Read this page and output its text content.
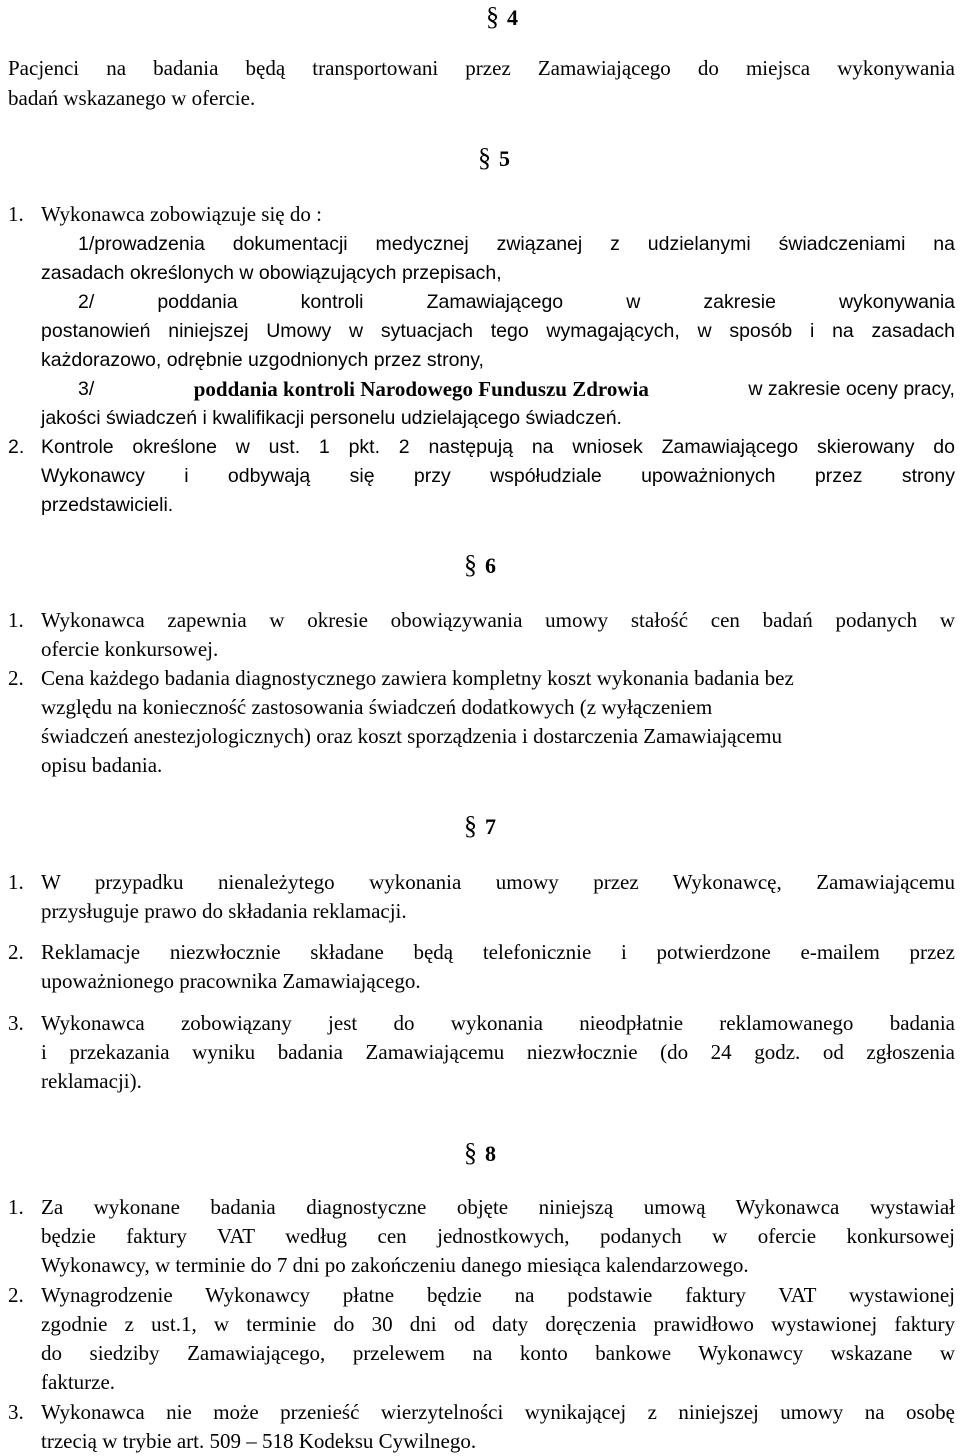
§ 4
Pacjenci na badania będą transportowani przez Zamawiającego do miejsca wykonywania
badań wskazanego w ofercie.
§ 5
1. Wykonawca zobowiązuje się do :
1/prowadzenia dokumentacji medycznej związanej z udzielanymi świadczeniami na
zasadach określonych w obowiązujących przepisach,
2/ poddania kontroli Zamawiającego w zakresie wykonywania
postanowień niniejszej Umowy w sytuacjach tego wymagających, w sposób i na zasadach
każdorazowo, odrębnie uzgodnionych przez strony,
3/	poddania kontroli Narodowego Funduszu Zdrowia	w zakresie oceny pracy,
jakości świadczeń i kwalifikacji personelu udzielającego świadczeń.
2. Kontrole określone w ust. 1 pkt. 2 następują na wniosek Zamawiającego skierowany do
Wykonawcy i odbywają się przy współudziale upoważnionych przez strony
przedstawicieli.
§ 6
1. Wykonawca zapewnia w okresie obowiązywania umowy stałość cen badań podanych w
ofercie konkursowej.
2. Cena każdego badania diagnostycznego zawiera kompletny koszt wykonania badania bez
względu na konieczność zastosowania świadczeń dodatkowych (z wyłączeniem
świadczeń anestezjologicznych) oraz koszt sporządzenia i dostarczenia Zamawiającemu
opisu badania.
§ 7
1. W przypadku nienależytego wykonania umowy przez Wykonawcę, Zamawiającemu
przysługuje prawo do składania reklamacji.
2. Reklamacje niezwłocznie składane będą telefonicznie i potwierdzone e-mailem przez
upoważnionego pracownika Zamawiającego.
3. Wykonawca zobowiązany jest do wykonania nieodpłatnie reklamowanego badania
i przekazania wyniku badania Zamawiającemu niezwłocznie (do 24 godz. od zgłoszenia
reklamacji).
§ 8
1. Za wykonane badania diagnostyczne objęte niniejszą umową Wykonawca wystawiał
będzie faktury VAT według cen jednostkowych, podanych w ofercie konkursowej
Wykonawcy, w terminie do 7 dni po zakończeniu danego miesiąca kalendarzowego.
2. Wynagrodzenie Wykonawcy płatne będzie na podstawie faktury VAT wystawionej
zgodnie z ust.1, w terminie do 30 dni od daty doręczenia prawidłowo wystawionej faktury
do siedziby Zamawiającego, przelewem na konto bankowe Wykonawcy wskazane w
fakturze.
3. Wykonawca nie może przenieść wierzytelności wynikającej z niniejszej umowy na osobę
trzecią w trybie art. 509 – 518 Kodeksu Cywilnego.
